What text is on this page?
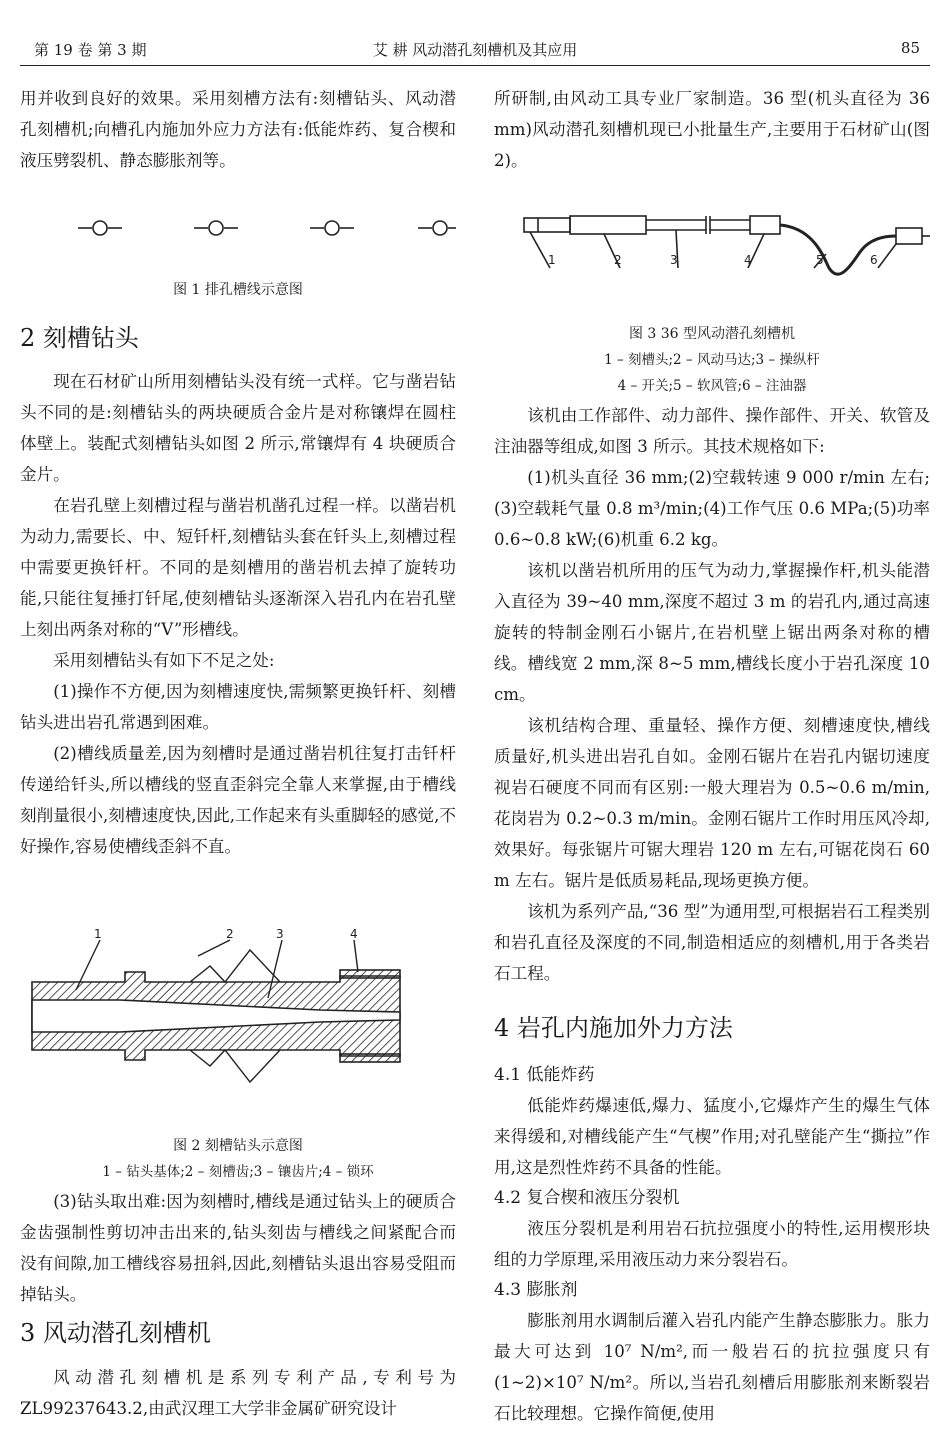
第 19 卷 第 3 期	艾 耕 风动潜孔刻槽机及其应用	85

用并收到良好的效果。采用刻槽方法有:刻槽钻头、风动潜孔刻槽机;向槽孔内施加外应力方法有:低能炸药、复合楔和液压劈裂机、静态膨胀剂等。

图 1 排孔槽线示意图
2 刻槽钻头

现在石材矿山所用刻槽钻头没有统一式样。它与凿岩钻头不同的是:刻槽钻头的两块硬质合金片是对称镶焊在圆柱体壁上。装配式刻槽钻头如图 2 所示,常镶焊有 4 块硬质合金片。

在岩孔壁上刻槽过程与凿岩机凿孔过程一样。以凿岩机为动力,需要长、中、短钎杆,刻槽钻头套在钎头上,刻槽过程中需要更换钎杆。不同的是刻槽用的凿岩机去掉了旋转功能,只能往复捶打钎尾,使刻槽钻头逐渐深入岩孔内在岩孔壁上刻出两条对称的“V”形槽线。

采用刻槽钻头有如下不足之处:

(1)操作不方便,因为刻槽速度快,需频繁更换钎杆、刻槽钻头进出岩孔常遇到困难。

(2)槽线质量差,因为刻槽时是通过凿岩机往复打击钎杆传递给钎头,所以槽线的竖直歪斜完全靠人来掌握,由于槽线刻削量很小,刻槽速度快,因此,工作起来有头重脚轻的感觉,不好操作,容易使槽线歪斜不直。

1	2	3	4
图 2 刻槽钻头示意图
1 – 钻头基体;2 – 刻槽齿;3 – 镶齿片;4 – 锁环

(3)钻头取出难:因为刻槽时,槽线是通过钻头上的硬质合金齿强制性剪切冲击出来的,钻头刻齿与槽线之间紧配合而没有间隙,加工槽线容易扭斜,因此,刻槽钻头退出容易受阻而掉钻头。

3 风动潜孔刻槽机

风动潜孔刻槽机是系列专利产品,专利号为 ZL99237643.2,由武汉理工大学非金属矿研究设计

所研制,由风动工具专业厂家制造。36 型(机头直径为 36 mm)风动潜孔刻槽机现已小批量生产,主要用于石材矿山(图 2)。

1	2	3	4	5	6
图 3 36 型风动潜孔刻槽机
1 – 刻槽头;2 – 风动马达;3 – 操纵杆
4 – 开关;5 – 软风管;6 – 注油器

该机由工作部件、动力部件、操作部件、开关、软管及注油器等组成,如图 3 所示。其技术规格如下:

(1)机头直径 36 mm;(2)空载转速 9 000 r/min 左右;(3)空载耗气量 0.8 m³/min;(4)工作气压 0.6 MPa;(5)功率 0.6~0.8 kW;(6)机重 6.2 kg。

该机以凿岩机所用的压气为动力,掌握操作杆,机头能潜入直径为 39~40 mm,深度不超过 3 m 的岩孔内,通过高速旋转的特制金刚石小锯片,在岩机壁上锯出两条对称的槽线。槽线宽 2 mm,深 8~5 mm,槽线长度小于岩孔深度 10 cm。

该机结构合理、重量轻、操作方便、刻槽速度快,槽线质量好,机头进出岩孔自如。金刚石锯片在岩孔内锯切速度视岩石硬度不同而有区别:一般大理岩为 0.5~0.6 m/min,花岗岩为 0.2~0.3 m/min。金刚石锯片工作时用压风冷却,效果好。每张锯片可锯大理岩 120 m 左右,可锯花岗石 60 m 左右。锯片是低质易耗品,现场更换方便。

该机为系列产品,“36 型”为通用型,可根据岩石工程类别和岩孔直径及深度的不同,制造相适应的刻槽机,用于各类岩石工程。

4 岩孔内施加外力方法
4.1 低能炸药

低能炸药爆速低,爆力、猛度小,它爆炸产生的爆生气体来得缓和,对槽线能产生“气楔”作用;对孔壁能产生“撕拉”作用,这是烈性炸药不具备的性能。

4.2 复合楔和液压分裂机

液压分裂机是利用岩石抗拉强度小的特性,运用楔形块组的力学原理,采用液压动力来分裂岩石。

4.3 膨胀剂

膨胀剂用水调制后灌入岩孔内能产生静态膨胀力。胀力最大可达到 10⁷ N/m²,而一般岩石的抗拉强度只有(1~2)×10⁷ N/m²。所以,当岩孔刻槽后用膨胀剂来断裂岩石比较理想。它操作简便,使用
